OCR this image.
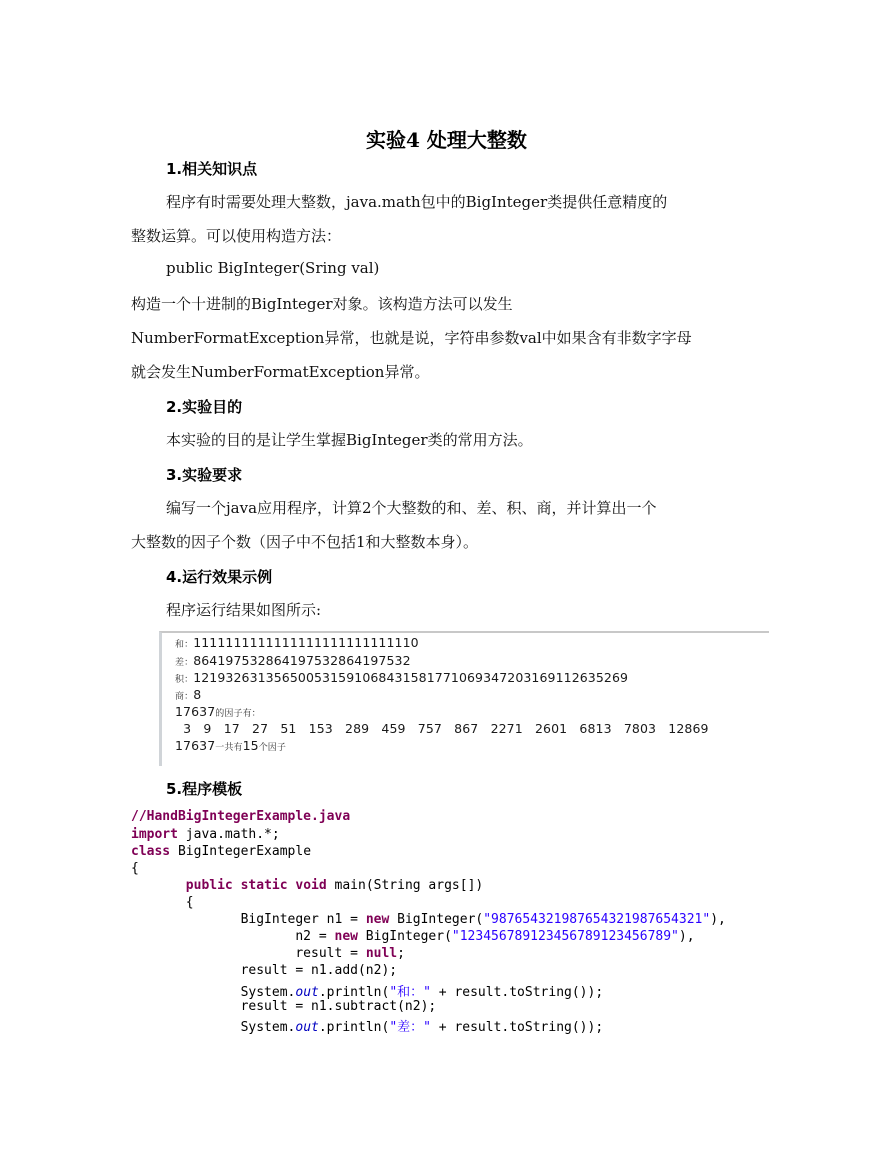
实验4 处理大整数
1.相关知识点
程序有时需要处理大整数，java.math包中的BigInteger类提供任意精度的
整数运算。可以使用构造方法：
public BigInteger(Sring val)
构造一个十进制的BigInteger对象。该构造方法可以发生
NumberFormatException异常，也就是说，字符串参数val中如果含有非数字字母
就会发生NumberFormatException异常。
2.实验目的
本实验的目的是让学生掌握BigInteger类的常用方法。
3.实验要求
编写一个java应用程序，计算2个大整数的和、差、积、商，并计算出一个
大整数的因子个数（因子中不包括1和大整数本身）。
4.运行效果示例
程序运行结果如图所示:
和：1111111111111111111111111110
差：864197532864197532864197532
积：121932631356500531591068431581771069347203169112635269
商：8
17637的因子有：
3   9   17   27   51   153   289   459   757   867   2271   2601   6813   7803   12869
17637一共有15个因子
5.程序模板
//HandBigIntegerExample.java
import java.math.*;
class BigIntegerExample
{
public static void main(String args[])
{
BigInteger n1 = new BigInteger("987654321987654321987654321"),
n2 = new BigInteger("123456789123456789123456789"),
result = null;
result = n1.add(n2);
System.out.println("和：" + result.toString());
result = n1.subtract(n2);
System.out.println("差：" + result.toString());
